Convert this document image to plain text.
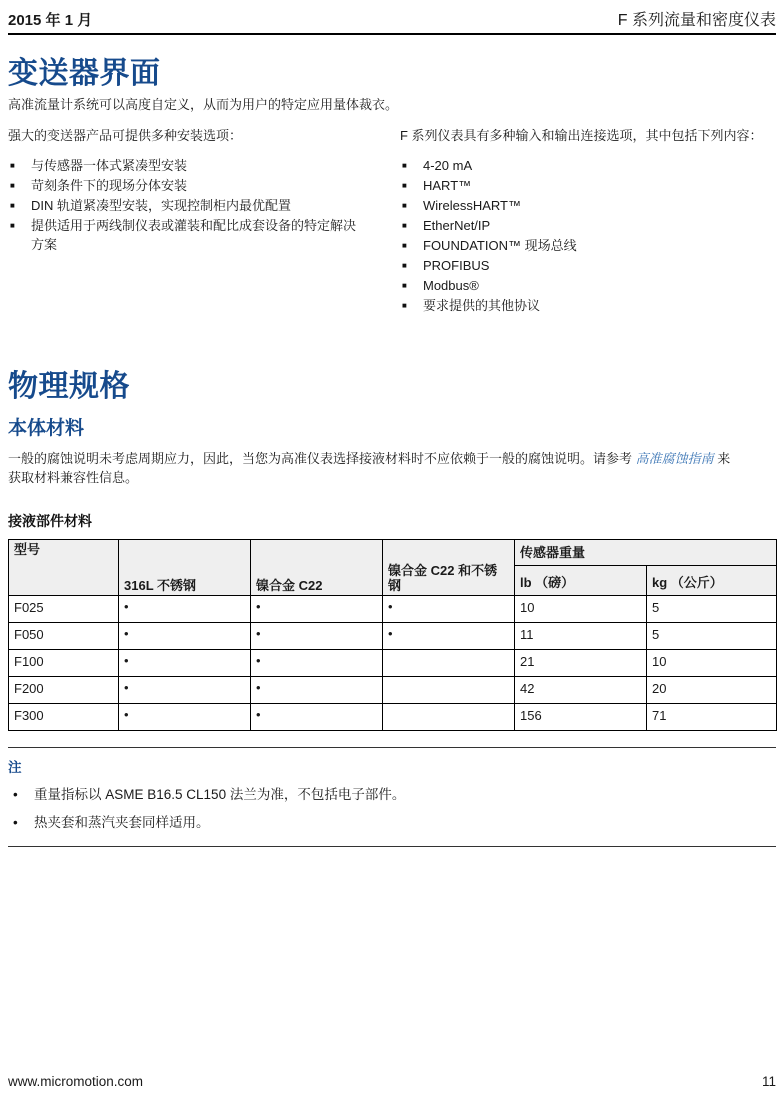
2015 年 1 月	F 系列流量和密度仪表
变送器界面

高准流量计系统可以高度自定义，从而为用户的特定应用量体裁衣。

强大的变送器产品可提供多种安装选项：

■	与传感器一体式紧凑型安装
■	苛刻条件下的现场分体安装
■	DIN 轨道紧凑型安装，实现控制柜内最优配置
■	提供适用于两线制仪表或灌装和配比成套设备的特定解决方案

F 系列仪表具有多种输入和输出连接选项，其中包括下列内容：

■	4-20 mA
■	HART™
■	WirelessHART™
■	EtherNet/IP
■	FOUNDATION™ 现场总线
■	PROFIBUS
■	Modbus®
■	要求提供的其他协议
物理规格
本体材料

一般的腐蚀说明未考虑周期应力，因此，当您为高准仪表选择接液材料时不应依赖于一般的腐蚀说明。请参考 高准腐蚀指南 来
获取材料兼容性信息。

接液部件材料
型号	316L 不锈钢	镍合金 C22	镍合金 C22 和不锈钢	传感器重量	
				lb （磅）	kg （公斤）
F025	•	•	•	10	5
F050	•	•	•	11	5
F100	•	•		21	10
F200	•	•		42	20
F300	•	•		156	71
注
•	重量指标以 ASME B16.5 CL150 法兰为准，不包括电子部件。
•	热夹套和蒸汽夹套同样适用。
www.micromotion.com	11
